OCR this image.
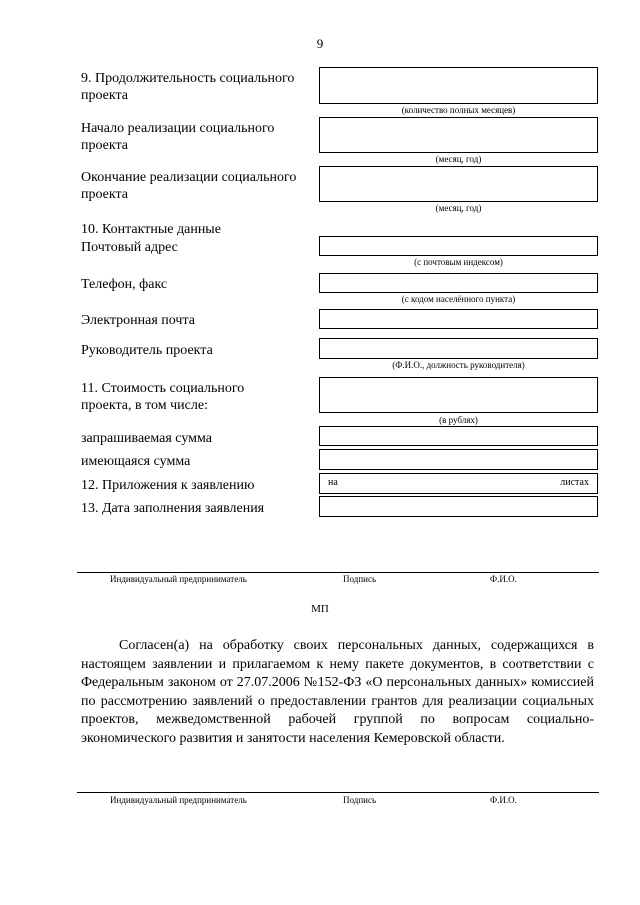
9
9. Продолжительность социального проекта
(количество полных месяцев)
Начало реализации социального проекта
(месяц, год)
Окончание реализации социального проекта
(месяц, год)
10. Контактные данные
Почтовый адрес
(с почтовым индексом)
Телефон, факс
(с кодом населённого пункта)
Электронная почта
Руководитель проекта
(Ф.И.О., должность руководителя)
11. Стоимость социального проекта, в том числе:
(в рублях)
запрашиваемая сумма
имеющаяся сумма
12. Приложения к заявлению	на	листах
13. Дата заполнения заявления
Индивидуальный предприниматель	Подпись	Ф.И.О.
МП

Согласен(а) на обработку своих персональных данных, содержащихся в настоящем заявлении и прилагаемом к нему пакете документов, в соответствии с Федеральным законом от 27.07.2006 №152-ФЗ «О персональных данных» комиссией по рассмотрению заявлений о предоставлении грантов для реализации социальных проектов, межведомственной рабочей группой по вопросам социально-экономического развития и занятости населения Кемеровской области.

Индивидуальный предприниматель	Подпись	Ф.И.О.
